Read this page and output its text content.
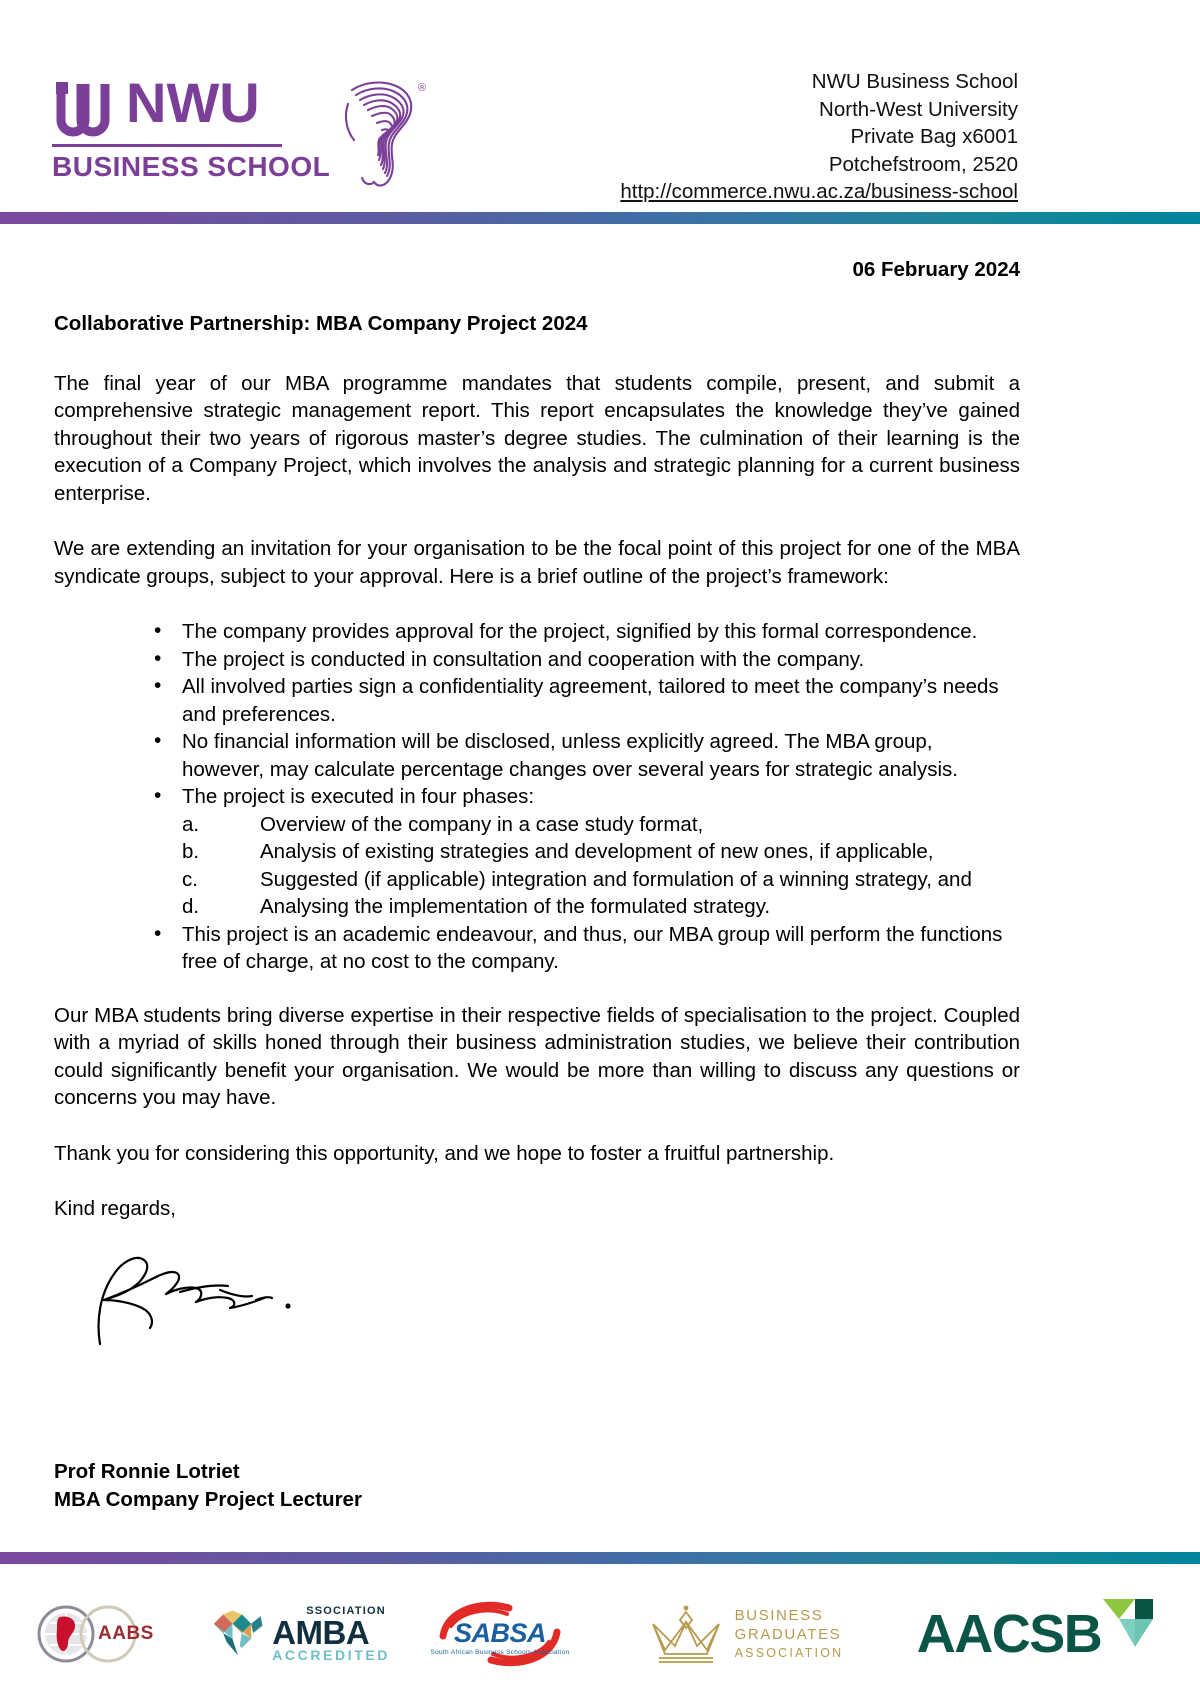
NWU
BUSINESS SCHOOL
®	NWU Business School
North-West University
Private Bag x6001
Potchefstroom, 2520
http://commerce.nwu.ac.za/business-school
06 February 2024
Collaborative Partnership: MBA Company Project 2024

The final year of our MBA programme mandates that students compile, present, and submit a comprehensive strategic management report. This report encapsulates the knowledge they’ve gained throughout their two years of rigorous master’s degree studies. The culmination of their learning is the execution of a Company Project, which involves the analysis and strategic planning for a current business enterprise.

We are extending an invitation for your organisation to be the focal point of this project for one of the MBA syndicate groups, subject to your approval. Here is a brief outline of the project’s framework:

• The company provides approval for the project, signified by this formal correspondence.
• The project is conducted in consultation and cooperation with the company.
• All involved parties sign a confidentiality agreement, tailored to meet the company’s needs and preferences.
• No financial information will be disclosed, unless explicitly agreed. The MBA group, however, may calculate percentage changes over several years for strategic analysis.
• The project is executed in four phases:
a.	Overview of the company in a case study format,
b.	Analysis of existing strategies and development of new ones, if applicable,
c.	Suggested (if applicable) integration and formulation of a winning strategy, and
d.	Analysing the implementation of the formulated strategy.
• This project is an academic endeavour, and thus, our MBA group will perform the functions free of charge, at no cost to the company.

Our MBA students bring diverse expertise in their respective fields of specialisation to the project. Coupled with a myriad of skills honed through their business administration studies, we believe their contribution could significantly benefit your organisation. We would be more than willing to discuss any questions or concerns you may have.

Thank you for considering this opportunity, and we hope to foster a fruitful partnership.

Kind regards,

Prof Ronnie Lotriet
MBA Company Project Lecturer
AABS
SSOCIATION
AMBA
ACCREDITED
SABSA
South African Business Schools Association
BUSINESS
GRADUATES
ASSOCIATION AACSB
